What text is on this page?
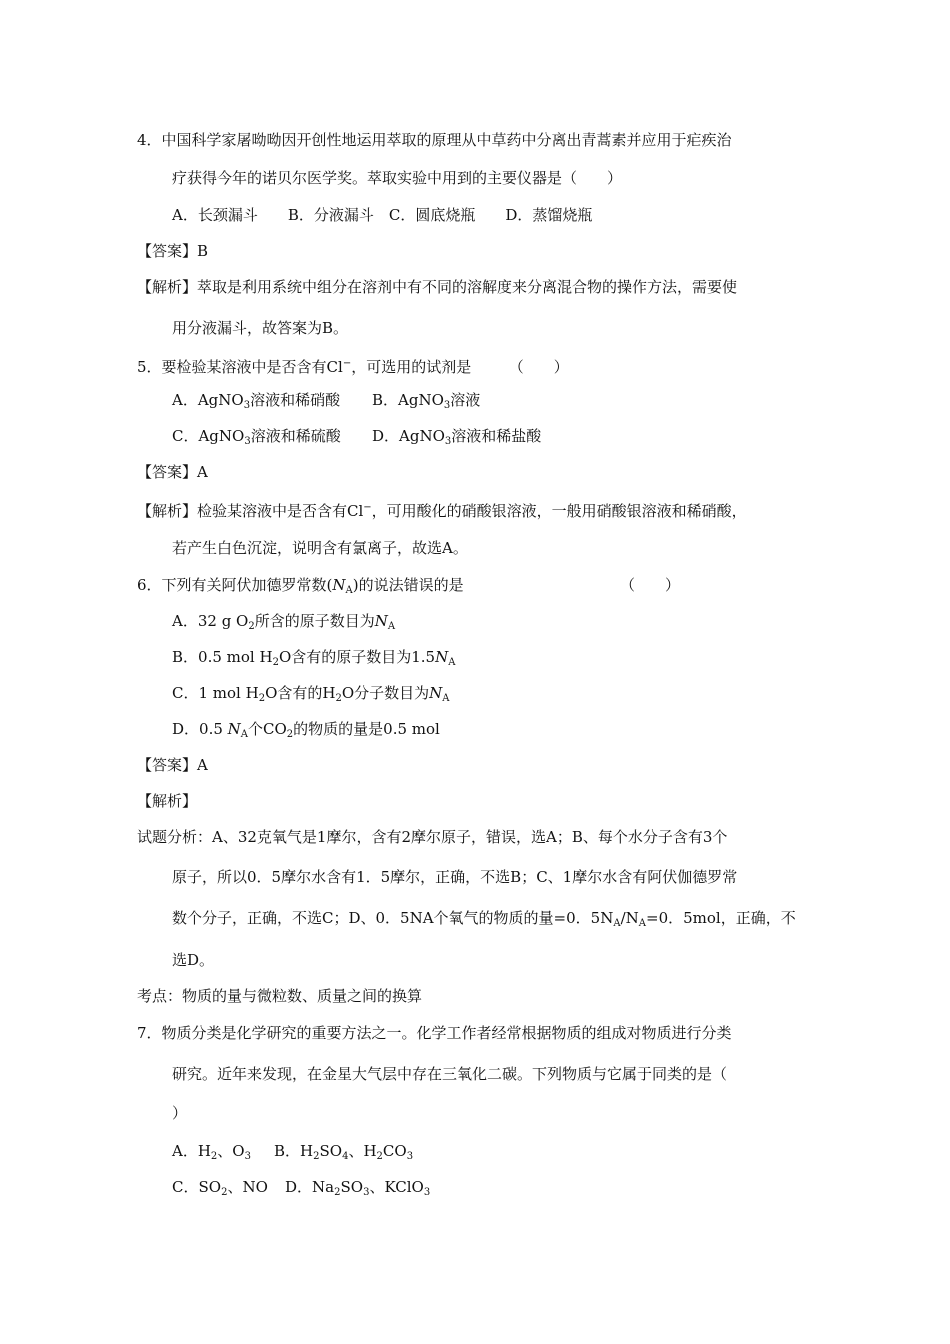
4．中国科学家屠呦呦因开创性地运用萃取的原理从中草药中分离出青蒿素并应用于疟疾治
疗获得今年的诺贝尔医学奖。萃取实验中用到的主要仪器是（　　）
A．长颈漏斗　　B．分液漏斗　C．圆底烧瓶　　D．蒸馏烧瓶
【答案】B
【解析】萃取是利用系统中组分在溶剂中有不同的溶解度来分离混合物的操作方法，需要使
用分液漏斗，故答案为B。
5．要检验某溶液中是否含有Cl−，可选用的试剂是　　　（　　）
A．AgNO$_3$溶液和稀硝酸 B．AgNO$_3$溶液
C．AgNO$_3$溶液和稀硫酸 D．AgNO$_3$溶液和稀盐酸
【答案】A
【解析】检验某溶液中是否含有Cl−，可用酸化的硝酸银溶液，一般用硝酸银溶液和稀硝酸，
若产生白色沉淀，说明含有氯离子，故选A。
6．下列有关阿伏加德罗常数$(N_A)$的说法错误的是	（　　）
A．32 g $O_2$所含的原子数目为$N_A$
B．0.5 mol $H_2O$含有的原子数目为$1.5N_A$
C．1 mol $H_2O$含有的$H_2O$分子数目为$N_A$
D．0.5 $N_A$个$CO_2$的物质的量是0.5 mol
【答案】A
【解析】
试题分析：A、32克氧气是1摩尔，含有2摩尔原子，错误，选A；B、每个水分子含有3个
原子，所以0．5摩尔水含有1．5摩尔，正确，不选B；C、1摩尔水含有阿伏伽德罗常
数个分子，正确，不选C；D、0．5NA个氧气的物质的量=0．$5N_A/N_A=0$．5mol，正确，不
选D。
考点：物质的量与微粒数、质量之间的换算
7．物质分类是化学研究的重要方法之一。化学工作者经常根据物质的组成对物质进行分类
研究。近年来发现，在金星大气层中存在三氧化二碳。下列物质与它属于同类的是（
）
A．$H_2$、$O_3$ B．$H_2SO_4$、$H_2CO_3$
C．$SO_2$、NO D．$Na_2SO_3$、KClO$_3$
